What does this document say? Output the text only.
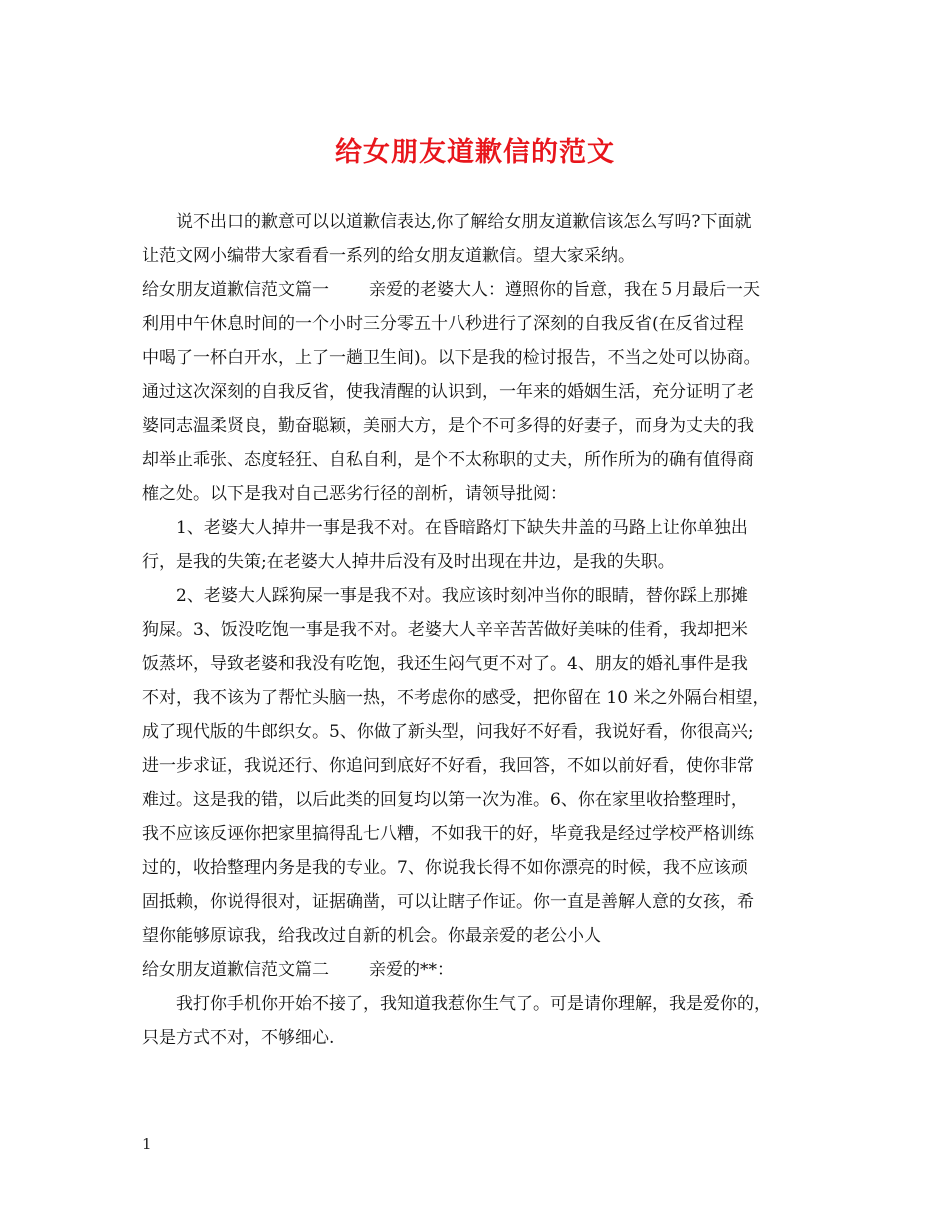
给女朋友道歉信的范文
说不出口的歉意可以以道歉信表达,你了解给女朋友道歉信该怎么写吗?下面就
让范文网小编带大家看看一系列的给女朋友道歉信。望大家采纳。
给女朋友道歉信范文篇一 亲爱的老婆大人：遵照你的旨意，我在５月最后一天
利用中午休息时间的一个小时三分零五十八秒进行了深刻的自我反省(在反省过程
中喝了一杯白开水，上了一趟卫生间)。以下是我的检讨报告，不当之处可以协商。
通过这次深刻的自我反省，使我清醒的认识到，一年来的婚姻生活，充分证明了老
婆同志温柔贤良，勤奋聪颖，美丽大方，是个不可多得的好妻子，而身为丈夫的我
却举止乖张、态度轻狂、自私自利，是个不太称职的丈夫，所作所为的确有值得商
榷之处。以下是我对自己恶劣行径的剖析，请领导批阅：
1、老婆大人掉井一事是我不对。在昏暗路灯下缺失井盖的马路上让你单独出
行，是我的失策;在老婆大人掉井后没有及时出现在井边，是我的失职。
2、老婆大人踩狗屎一事是我不对。我应该时刻冲当你的眼睛，替你踩上那摊
狗屎。3、饭没吃饱一事是我不对。老婆大人辛辛苦苦做好美味的佳肴，我却把米
饭蒸坏，导致老婆和我没有吃饱，我还生闷气更不对了。4、朋友的婚礼事件是我
不对，我不该为了帮忙头脑一热，不考虑你的感受，把你留在 10 米之外隔台相望，
成了现代版的牛郎织女。5、你做了新头型，问我好不好看，我说好看，你很高兴;
进一步求证，我说还行、你追问到底好不好看，我回答，不如以前好看，使你非常
难过。这是我的错，以后此类的回复均以第一次为准。6、你在家里收拾整理时，
我不应该反诬你把家里搞得乱七八糟，不如我干的好，毕竟我是经过学校严格训练
过的，收拾整理内务是我的专业。7、你说我长得不如你漂亮的时候，我不应该顽
固抵赖，你说得很对，证据确凿，可以让瞎子作证。你一直是善解人意的女孩，希
望你能够原谅我，给我改过自新的机会。你最亲爱的老公小人
给女朋友道歉信范文篇二 亲爱的**：
我打你手机你开始不接了，我知道我惹你生气了。可是请你理解，我是爱你的，
只是方式不对，不够细心.
1
